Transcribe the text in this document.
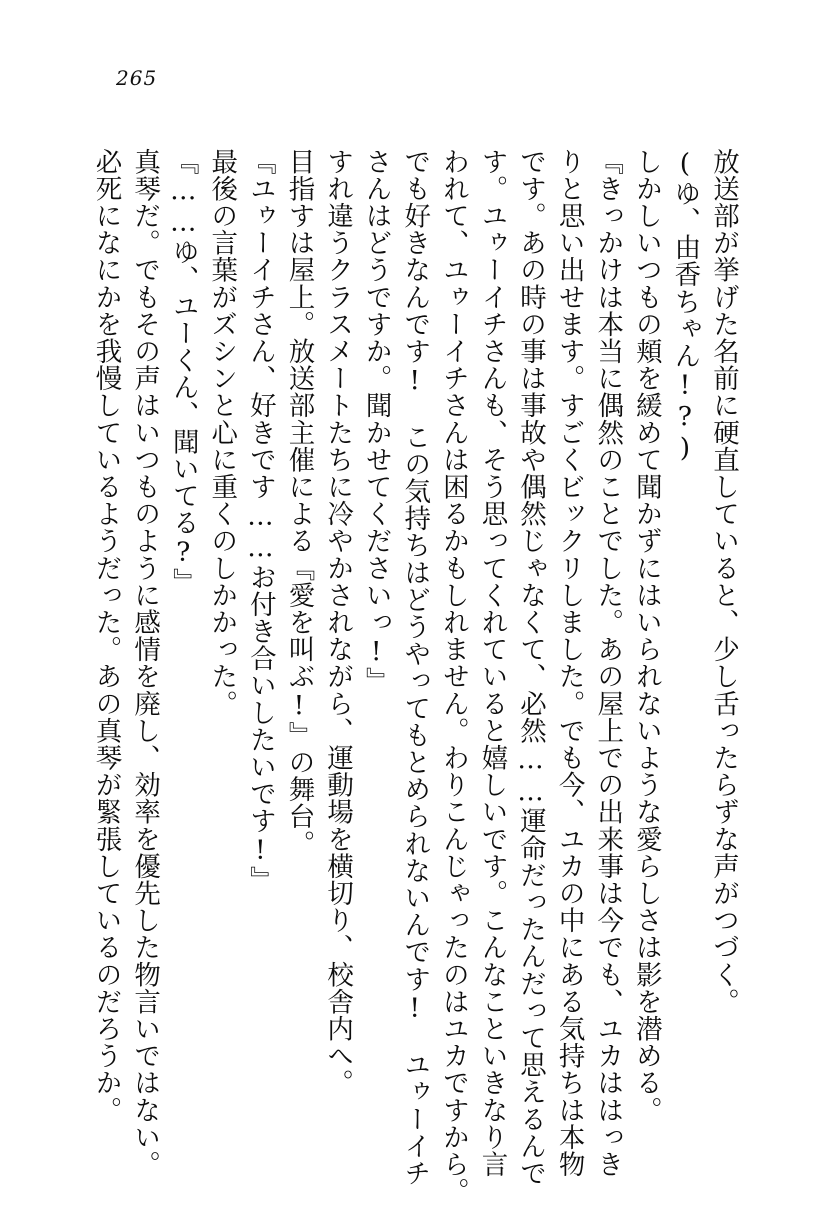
265
放送部が挙げた名前に硬直していると、少し舌ったらずな声がつづく。
(ゆ、由香ちゃん!?)
しかしいつもの頬を緩めて聞かずにはいられないような愛らしさは影を潜める。
『きっかけは本当に偶然のことでした。あの屋上での出来事は今でも、ユカははっき
りと思い出せます。すごくビックリしました。でも今、ユカの中にある気持ちは本物
です。あの時の事は事故や偶然じゃなくて、必然……運命だったんだって思えるんで
す。ユゥーイチさんも、そう思ってくれていると嬉しいです。こんなこといきなり言
われて、ユゥーイチさんは困るかもしれません。わりこんじゃったのはユカですから。
でも好きなんです!　この気持ちはどうやってもとめられないんです!　ユゥーイチ
さんはどうですか。聞かせてくださいっ!』
すれ違うクラスメートたちに冷やかされながら、運動場を横切り、校舎内へ。
目指すは屋上。放送部主催による『愛を叫ぶ!』の舞台。
『ユゥーイチさん、好きです……お付き合いしたいです!』
最後の言葉がズシンと心に重くのしかかった。
『……ゆ、ユーくん、聞いてる?』
真琴だ。でもその声はいつものように感情を廃し、効率を優先した物言いではない。
必死になにかを我慢しているようだった。あの真琴が緊張しているのだろうか。
